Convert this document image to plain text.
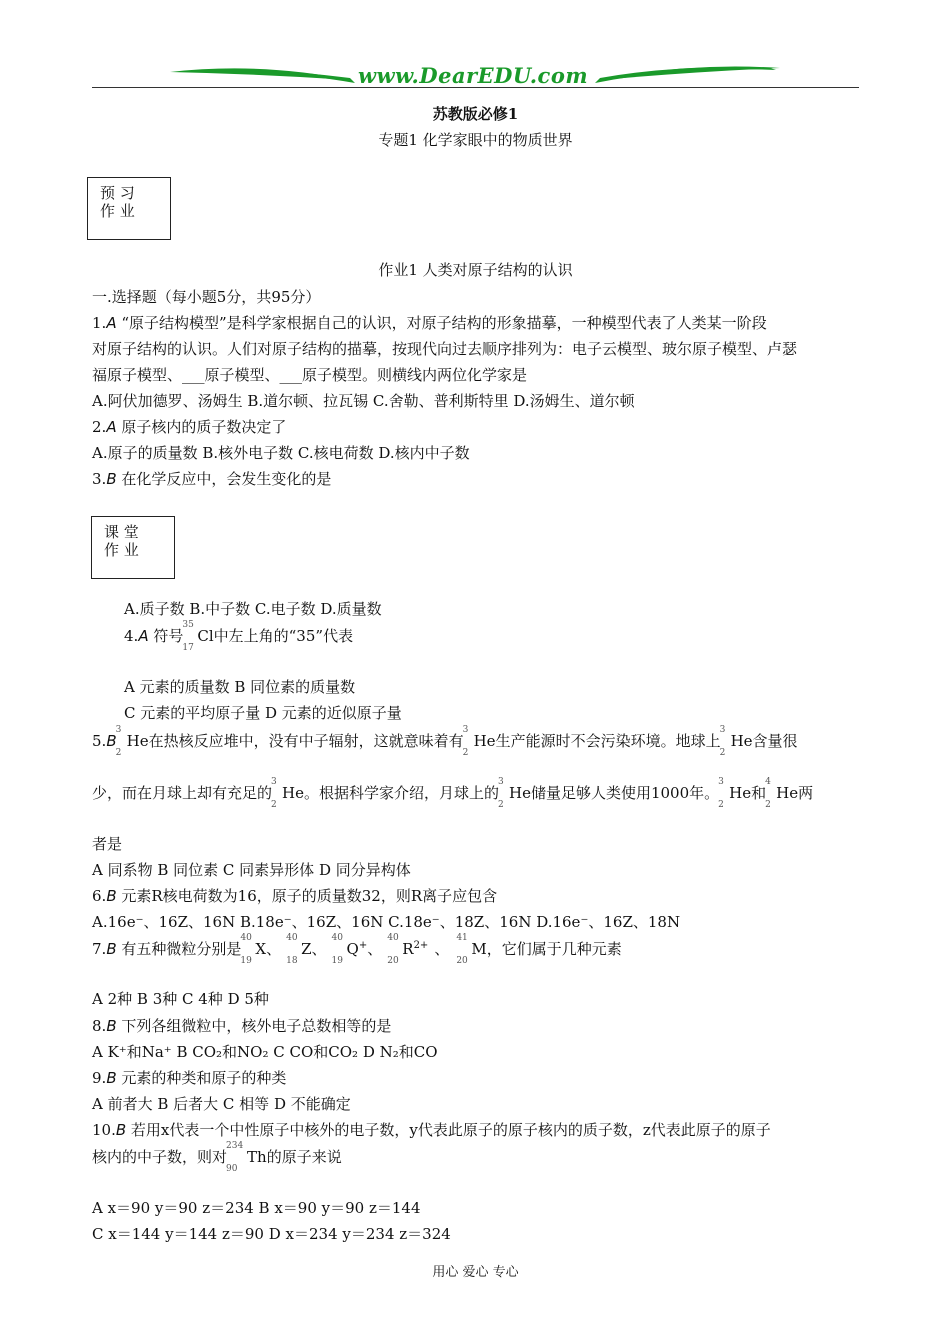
www.DearEDU.com
苏教版必修1
专题1 化学家眼中的物质世界
预 习
作 业
作业1 人类对原子结构的认识
一.选择题（每小题5分，共95分）
1.A “原子结构模型”是科学家根据自己的认识，对原子结构的形象描摹，一种模型代表了人类某一阶段
对原子结构的认识。人们对原子结构的描摹，按现代向过去顺序排列为：电子云模型、玻尔原子模型、卢瑟
福原子模型、___原子模型、___原子模型。则横线内两位化学家是
A.阿伏加德罗、汤姆生 B.道尔顿、拉瓦锡 C.舍勒、普利斯特里 D.汤姆生、道尔顿
2.A 原子核内的质子数决定了
A.原子的质量数 B.核外电子数 C.核电荷数 D.核内中子数
3.B 在化学反应中，会发生变化的是
课 堂
作 业
A.质子数 B.中子数 C.电子数 D.质量数
4.A 符号
35
17
Cl中左上角的“35”代表
A 元素的质量数 B 同位素的质量数
C 元素的平均原子量 D 元素的近似原子量
5.B
3
2
He在热核反应堆中，没有中子辐射，这就意味着有
3
2
He生产能源时不会污染环境。地球上
3
2
He含量很
少，而在月球上却有充足的
3
2
He。根据科学家介绍，月球上的
3
2
He储量足够人类使用1000年。
3
2
He和
4
2
He两
者是
A 同系物 B 同位素 C 同素异形体 D 同分异构体
6.B 元素R核电荷数为16，原子的质量数32，则R离子应包含
A.16e⁻、16Z、16N B.18e⁻、16Z、16N C.18e⁻、18Z、16N D.16e⁻、16Z、18N
7.B 有五种微粒分别是
40
19
X、
40
18
Z、
40
19
Q+、
40
20
$R^{2+}$ 、
41
20
M，它们属于几种元素
A 2种 B 3种 C 4种 D 5种
8.B 下列各组微粒中，核外电子总数相等的是
A K⁺和Na⁺ B CO₂和NO₂ C CO和CO₂ D N₂和CO
9.B 元素的种类和原子的种类
A 前者大 B 后者大 C 相等 D 不能确定
10.B 若用x代表一个中性原子中核外的电子数，y代表此原子的原子核内的质子数，z代表此原子的原子
核内的中子数，则对
234
90
Th的原子来说
A x＝90 y＝90 z＝234 B x＝90 y＝90 z＝144
C x＝144 y＝144 z＝90 D x＝234 y＝234 z＝324
用心 爱心 专心
